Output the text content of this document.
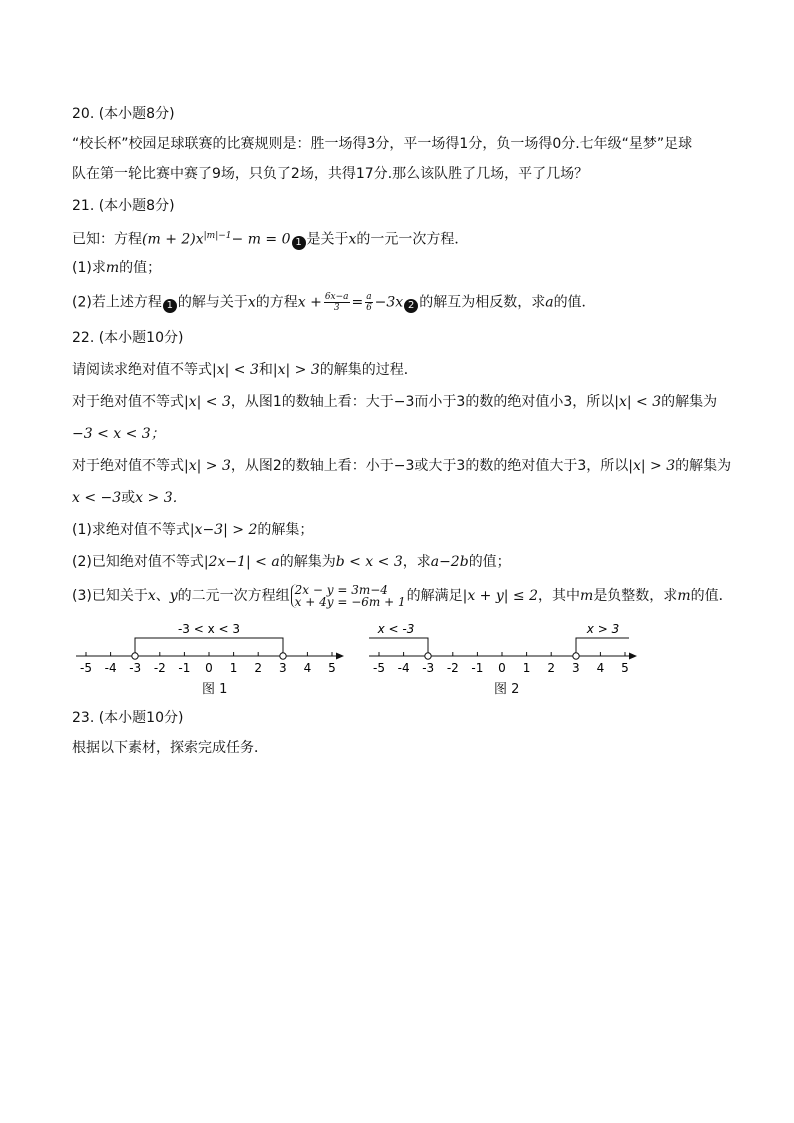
20. (本小题8分)
“校长杯”校园足球联赛的比赛规则是：胜一场得3分，平一场得1分，负一场得0分.七年级“星梦”足球
队在第一轮比赛中赛了9场，只负了2场，共得17分.那么该队胜了几场，平了几场？
21. (本小题8分)
已知：方程$(m + 2)x^{|m|-1}- m = 0$ 1 是关于x的一元一次方程．
(1)求m的值；
(2)若上述方程 1 的解与关于x的方程$x + \frac{6x-a}{3} = \frac{a}{6} -3x$ 2 的解互为相反数，求a的值．
22. (本小题10分)
请阅读求绝对值不等式|x| < 3和|x| > 3的解集的过程．
对于绝对值不等式|x| < 3，从图1的数轴上看：大于−3而小于3的数的绝对值小3，所以|x| < 3的解集为
−3 < x < 3；
对于绝对值不等式|x| > 3，从图2的数轴上看：小于−3或大于3的数的绝对值大于3，所以|x| > 3的解集为
x < −3或x > 3．
(1)求绝对值不等式|x−3| > 2的解集；
(2)已知绝对值不等式|2x−1| < a的解集为b < x < 3，求a−2b的值；
(3)已知关于x、y的二元一次方程组 2x − y = 3m−4
x + 4y = −6m + 1 的解满足|x + y| ≤ 2，其中m是负整数，求m的值．
-5 -4 -3 -2 -1 0 1 2 3 4 5
-3 < x < 3
图 1
-5 -4 -3 -2 -1 0 1 2 3 4 5
x < -3	x > 3
图 2
23. (本小题10分)
根据以下素材，探索完成任务．
